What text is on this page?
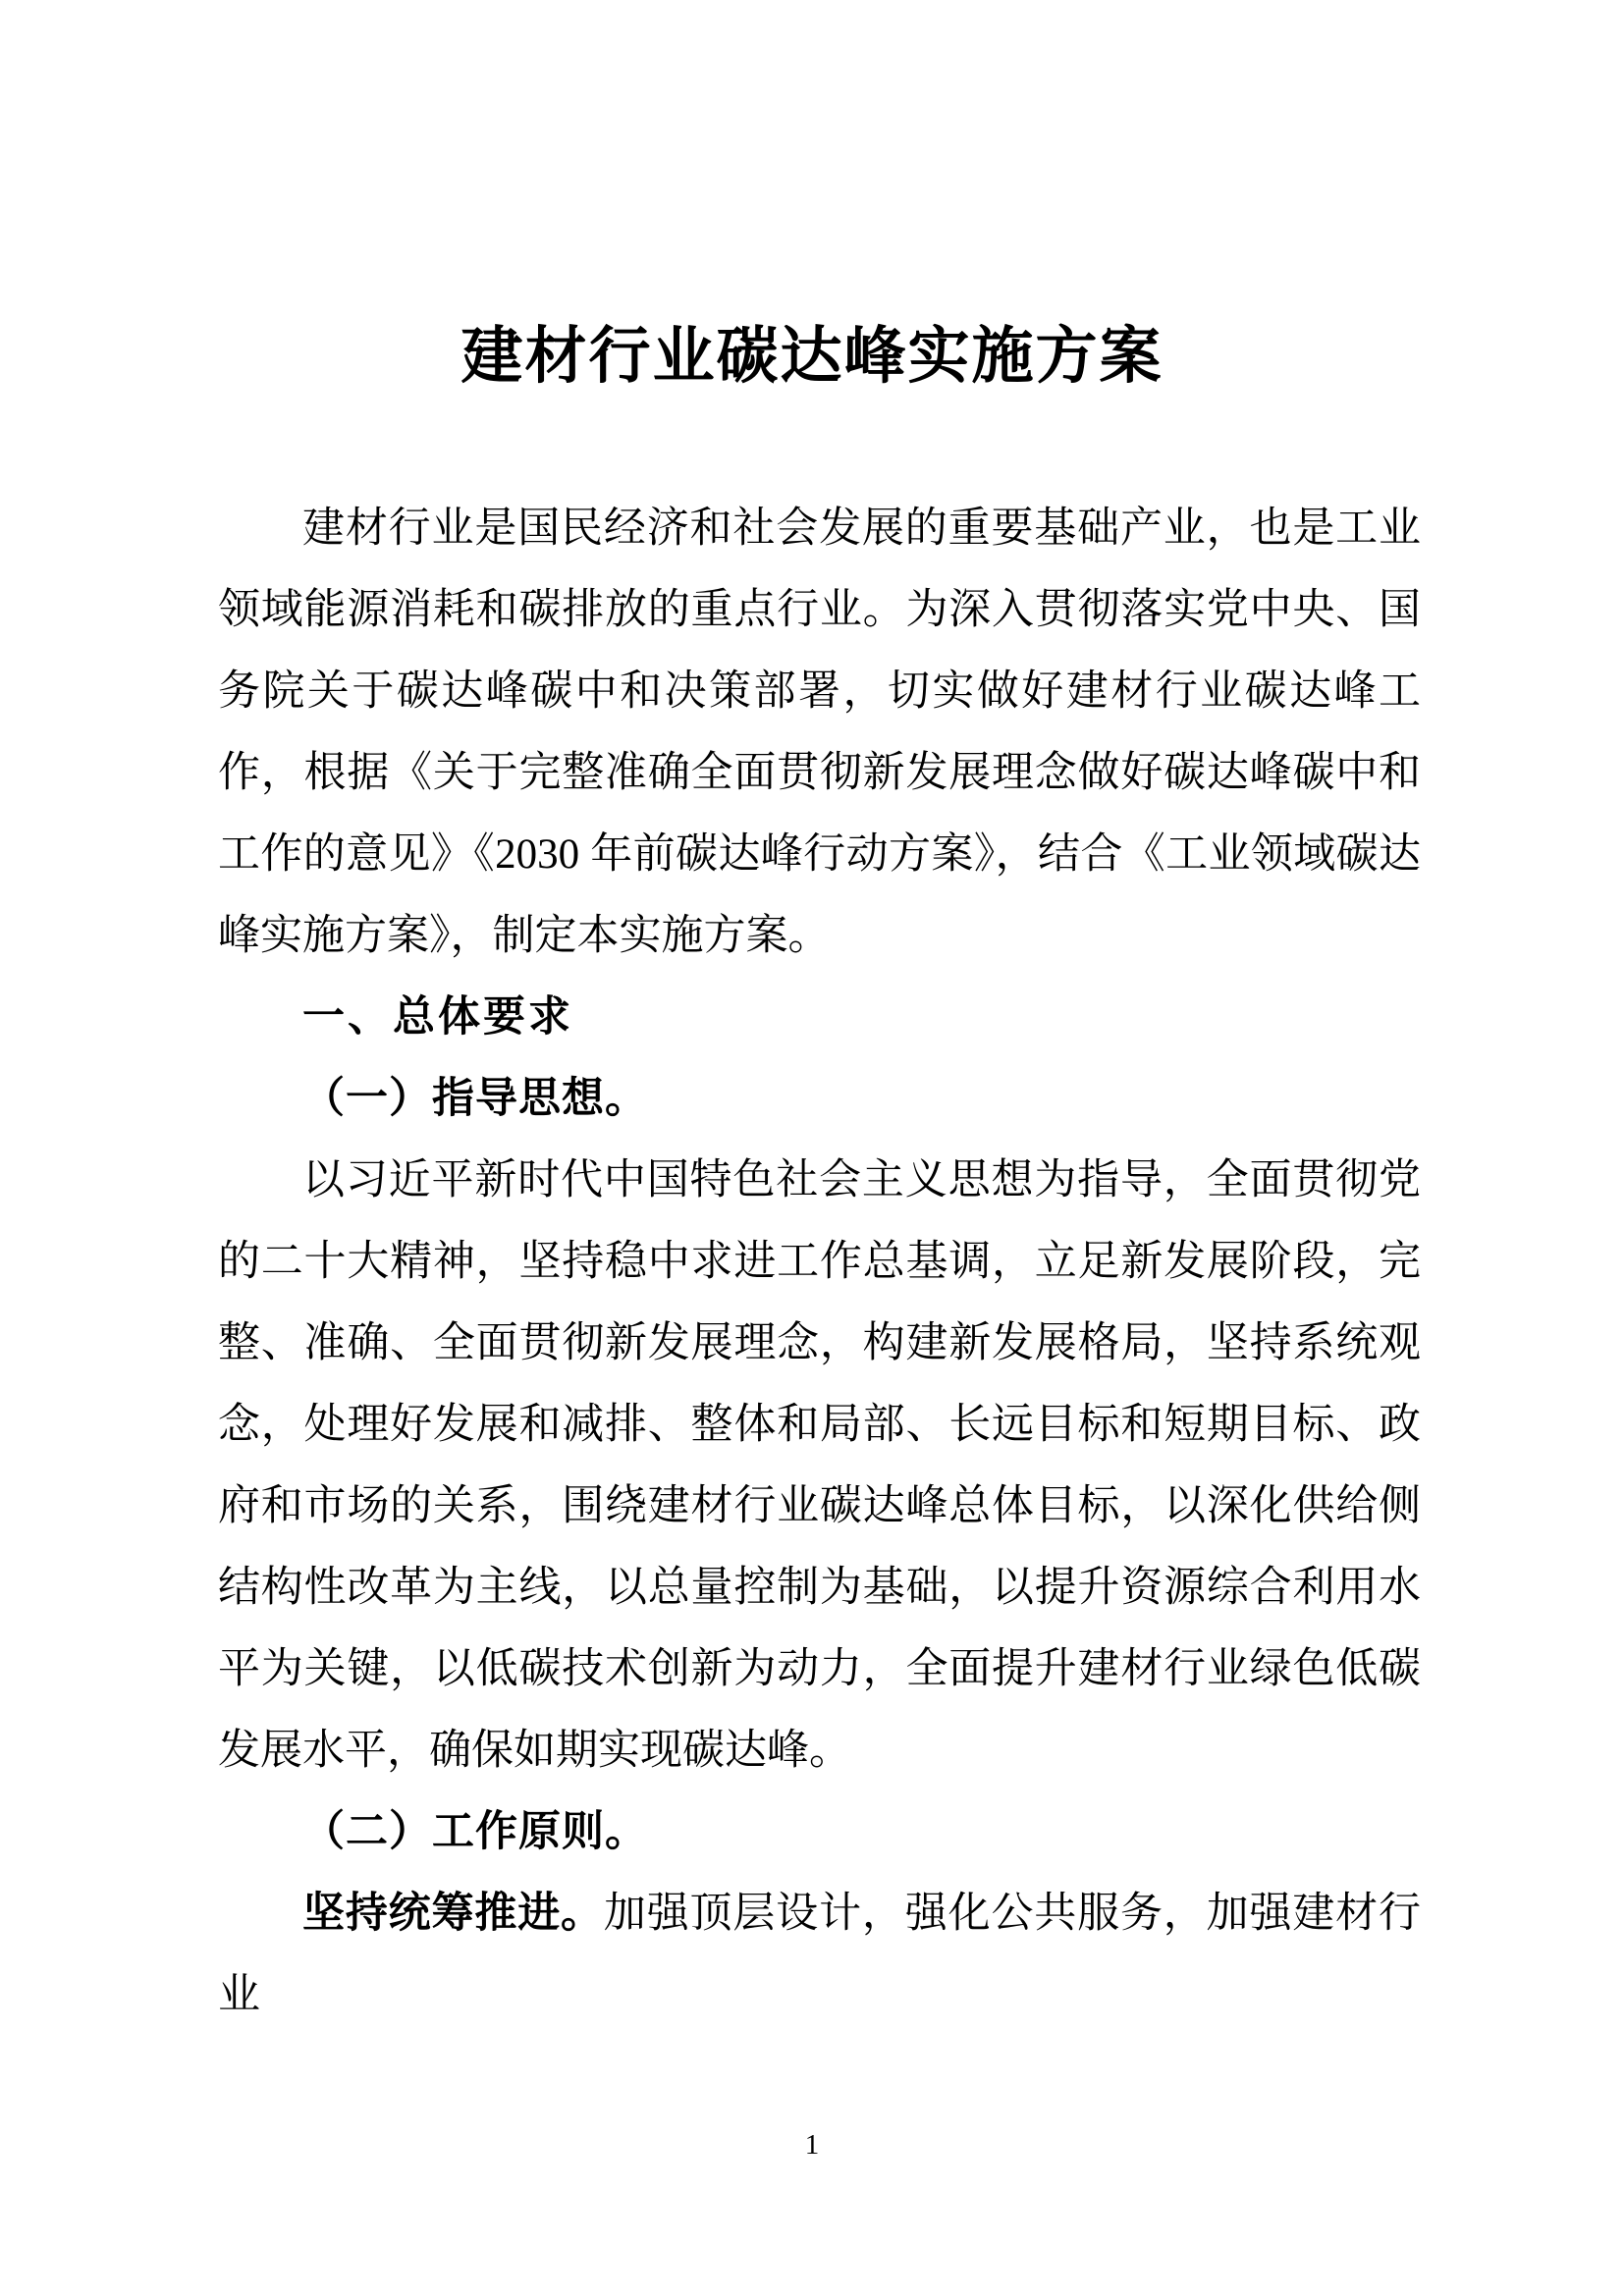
建材行业碳达峰实施方案

建材行业是国民经济和社会发展的重要基础产业，也是工业领域能源消耗和碳排放的重点行业。为深入贯彻落实党中央、国务院关于碳达峰碳中和决策部署，切实做好建材行业碳达峰工作，根据《关于完整准确全面贯彻新发展理念做好碳达峰碳中和工作的意见》《2030 年前碳达峰行动方案》，结合《工业领域碳达峰实施方案》，制定本实施方案。

一、总体要求

（一）指导思想。

以习近平新时代中国特色社会主义思想为指导，全面贯彻党的二十大精神，坚持稳中求进工作总基调，立足新发展阶段，完整、准确、全面贯彻新发展理念，构建新发展格局，坚持系统观念，处理好发展和减排、整体和局部、长远目标和短期目标、政府和市场的关系，围绕建材行业碳达峰总体目标，以深化供给侧结构性改革为主线，以总量控制为基础，以提升资源综合利用水平为关键，以低碳技术创新为动力，全面提升建材行业绿色低碳发展水平，确保如期实现碳达峰。

（二）工作原则。

坚持统筹推进。加强顶层设计，强化公共服务，加强建材行业

1
